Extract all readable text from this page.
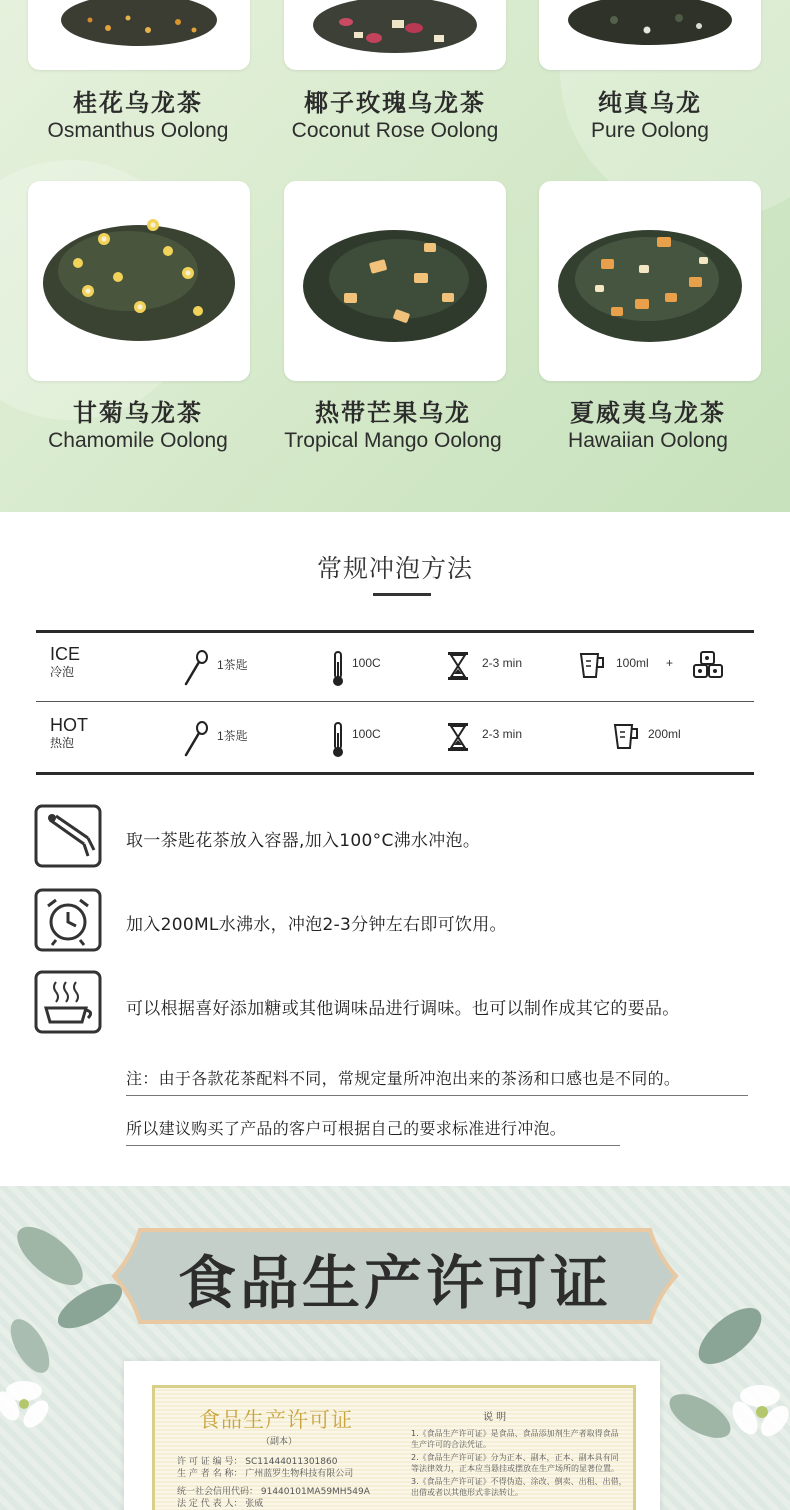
桂花乌龙茶
Osmanthus Oolong
椰子玫瑰乌龙茶
Coconut Rose Oolong
纯真乌龙
Pure Oolong
甘菊乌龙茶
Chamomile Oolong
热带芒果乌龙
Tropical Mango Oolong
夏威夷乌龙茶
Hawaiian Oolong
常规冲泡方法
ICE
冷泡	1茶匙	100C	2-3 min	100ml +
HOT
热泡	1茶匙	100C	2-3 min	200ml
取一茶匙花茶放入容器,加入100°C沸水冲泡。
加入200ML水沸水，冲泡2-3分钟左右即可饮用。
可以根据喜好添加糖或其他调味品进行调味。也可以制作成其它的要品。
注：由于各款花茶配料不同，常规定量所冲泡出来的茶汤和口感也是不同的。
所以建议购买了产品的客户可根据自己的要求标准进行冲泡。
食品生产许可证
食品生产许可证
（副本）
许 可 证 编 号： SC11444011301860
生 产 者 名 称： 广州蓝罗生物科技有限公司
统一社会信用代码： 91440101MA59MH549A
法 定 代 表 人： 张威
说 明
1.《食品生产许可证》是食品、食品添加剂生产者取得食品
生产许可的合法凭证。
2.《食品生产许可证》分为正本、副本，正本、副本具有同
等法律效力，正本应当悬挂或摆放在生产场所的显著位置。
3.《食品生产许可证》不得伪造、涂改、倒卖、出租、出借，
出借或者以其他形式非法转让。
